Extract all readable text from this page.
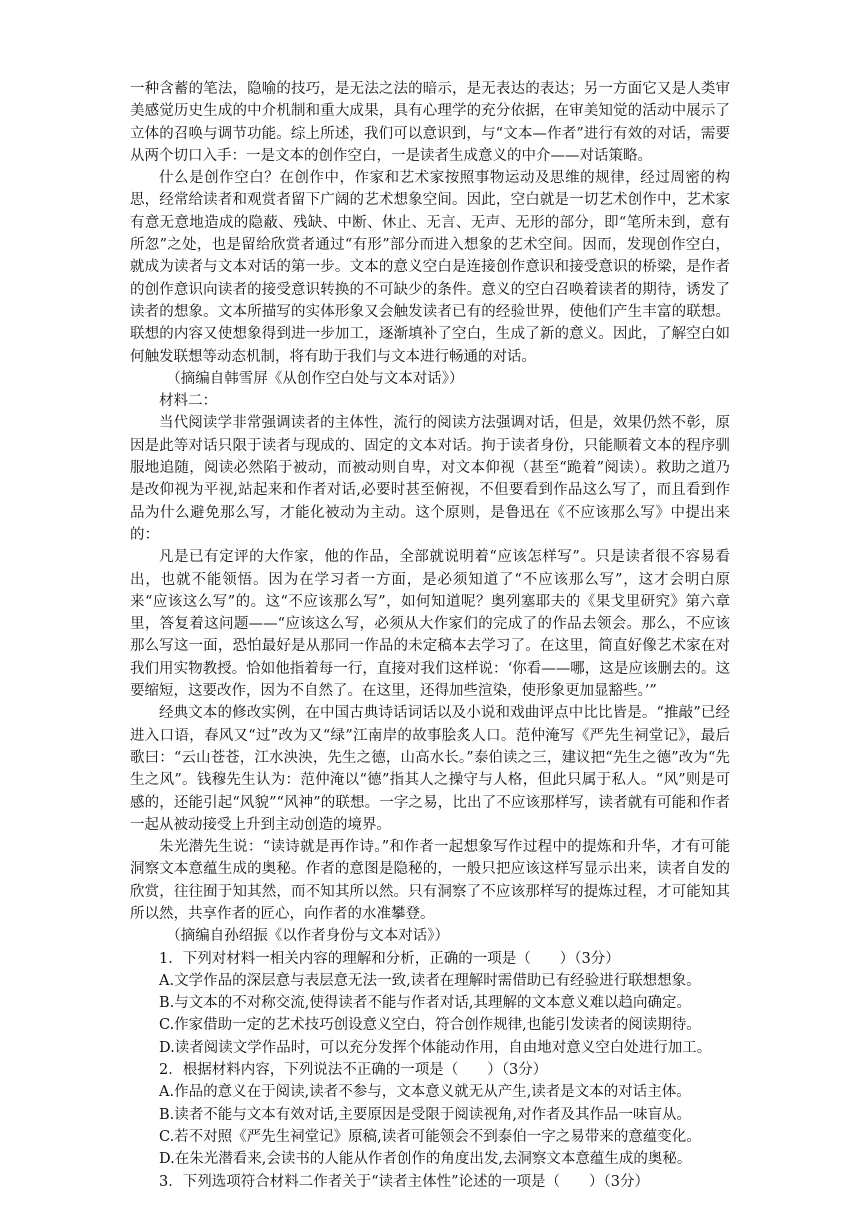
一种含蓄的笔法，隐喻的技巧，是无法之法的暗示，是无表达的表达；另一方面它又是人类审美感觉历史生成的中介机制和重大成果，具有心理学的充分依据，在审美知觉的活动中展示了立体的召唤与调节功能。综上所述，我们可以意识到，与“文本—作者”进行有效的对话，需要从两个切口入手：一是文本的创作空白，一是读者生成意义的中介——对话策略。

什么是创作空白？在创作中，作家和艺术家按照事物运动及思维的规律，经过周密的构思，经常给读者和观赏者留下广阔的艺术想象空间。因此，空白就是一切艺术创作中，艺术家有意无意地造成的隐蔽、残缺、中断、休止、无言、无声、无形的部分，即“笔所未到，意有所忽”之处，也是留给欣赏者通过“有形”部分而进入想象的艺术空间。因而，发现创作空白，就成为读者与文本对话的第一步。文本的意义空白是连接创作意识和接受意识的桥梁，是作者的创作意识向读者的接受意识转换的不可缺少的条件。意义的空白召唤着读者的期待，诱发了读者的想象。文本所描写的实体形象又会触发读者已有的经验世界，使他们产生丰富的联想。联想的内容又使想象得到进一步加工，逐渐填补了空白，生成了新的意义。因此，了解空白如何触发联想等动态机制，将有助于我们与文本进行畅通的对话。

（摘编自韩雪屏《从创作空白处与文本对话》）

材料二：

当代阅读学非常强调读者的主体性，流行的阅读方法强调对话，但是，效果仍然不彰，原因是此等对话只限于读者与现成的、固定的文本对话。拘于读者身份，只能顺着文本的程序驯服地追随，阅读必然陷于被动，而被动则自卑，对文本仰视（甚至“跪着”阅读）。救助之道乃是改仰视为平视,站起来和作者对话,必要时甚至俯视，不但要看到作品这么写了，而且看到作品为什么避免那么写，才能化被动为主动。这个原则，是鲁迅在《不应该那么写》中提出来的：

凡是已有定评的大作家，他的作品，全部就说明着“应该怎样写”。只是读者很不容易看出，也就不能领悟。因为在学习者一方面，是必须知道了“不应该那么写”，这才会明白原来“应该这么写”的。这“不应该那么写”，如何知道呢？奥列塞耶夫的《果戈里研究》第六章里，答复着这问题——“应该这么写，必须从大作家们的完成了的作品去领会。那么，不应该那么写这一面，恐怕最好是从那同一作品的未定稿本去学习了。在这里，简直好像艺术家在对我们用实物教授。恰如他指着每一行，直接对我们这样说：‘你看——哪，这是应该删去的。这要缩短，这要改作，因为不自然了。在这里，还得加些渲染，使形象更加显豁些。’”

经典文本的修改实例，在中国古典诗话词话以及小说和戏曲评点中比比皆是。“推敲”已经进入口语，春风又“过”改为又“绿”江南岸的故事脍炙人口。范仲淹写《严先生祠堂记》，最后歌曰：“云山苍苍，江水泱泱，先生之德，山高水长。”泰伯读之三，建议把“先生之德”改为“先生之风”。钱穆先生认为：范仲淹以“德”指其人之操守与人格，但此只属于私人。“风”则是可感的，还能引起“风貌”“风神”的联想。一字之易，比出了不应该那样写，读者就有可能和作者一起从被动接受上升到主动创造的境界。

朱光潜先生说：“读诗就是再作诗。”和作者一起想象写作过程中的提炼和升华，才有可能洞察文本意蕴生成的奥秘。作者的意图是隐秘的，一般只把应该这样写显示出来，读者自发的欣赏，往往囿于知其然，而不知其所以然。只有洞察了不应该那样写的提炼过程，才可能知其所以然，共享作者的匠心，向作者的水准攀登。

（摘编自孙绍振《以作者身份与文本对话》）

1．下列对材料一相关内容的理解和分析，正确的一项是（　　）（3分）

A.文学作品的深层意与表层意无法一致,读者在理解时需借助已有经验进行联想想象。

B.与文本的不对称交流,使得读者不能与作者对话,其理解的文本意义难以趋向确定。

C.作家借助一定的艺术技巧创设意义空白，符合创作规律,也能引发读者的阅读期待。

D.读者阅读文学作品时，可以充分发挥个体能动作用，自由地对意义空白处进行加工。

2．根据材料内容，下列说法不正确的一项是（　　）（3分）

A.作品的意义在于阅读,读者不参与，文本意义就无从产生,读者是文本的对话主体。

B.读者不能与文本有效对话,主要原因是受限于阅读视角,对作者及其作品一味盲从。

C.若不对照《严先生祠堂记》原稿,读者可能领会不到泰伯一字之易带来的意蕴变化。

D.在朱光潜看来,会读书的人能从作者创作的角度出发,去洞察文本意蕴生成的奥秘。

3．下列选项符合材料二作者关于“读者主体性”论述的一项是（　　）（3分）
